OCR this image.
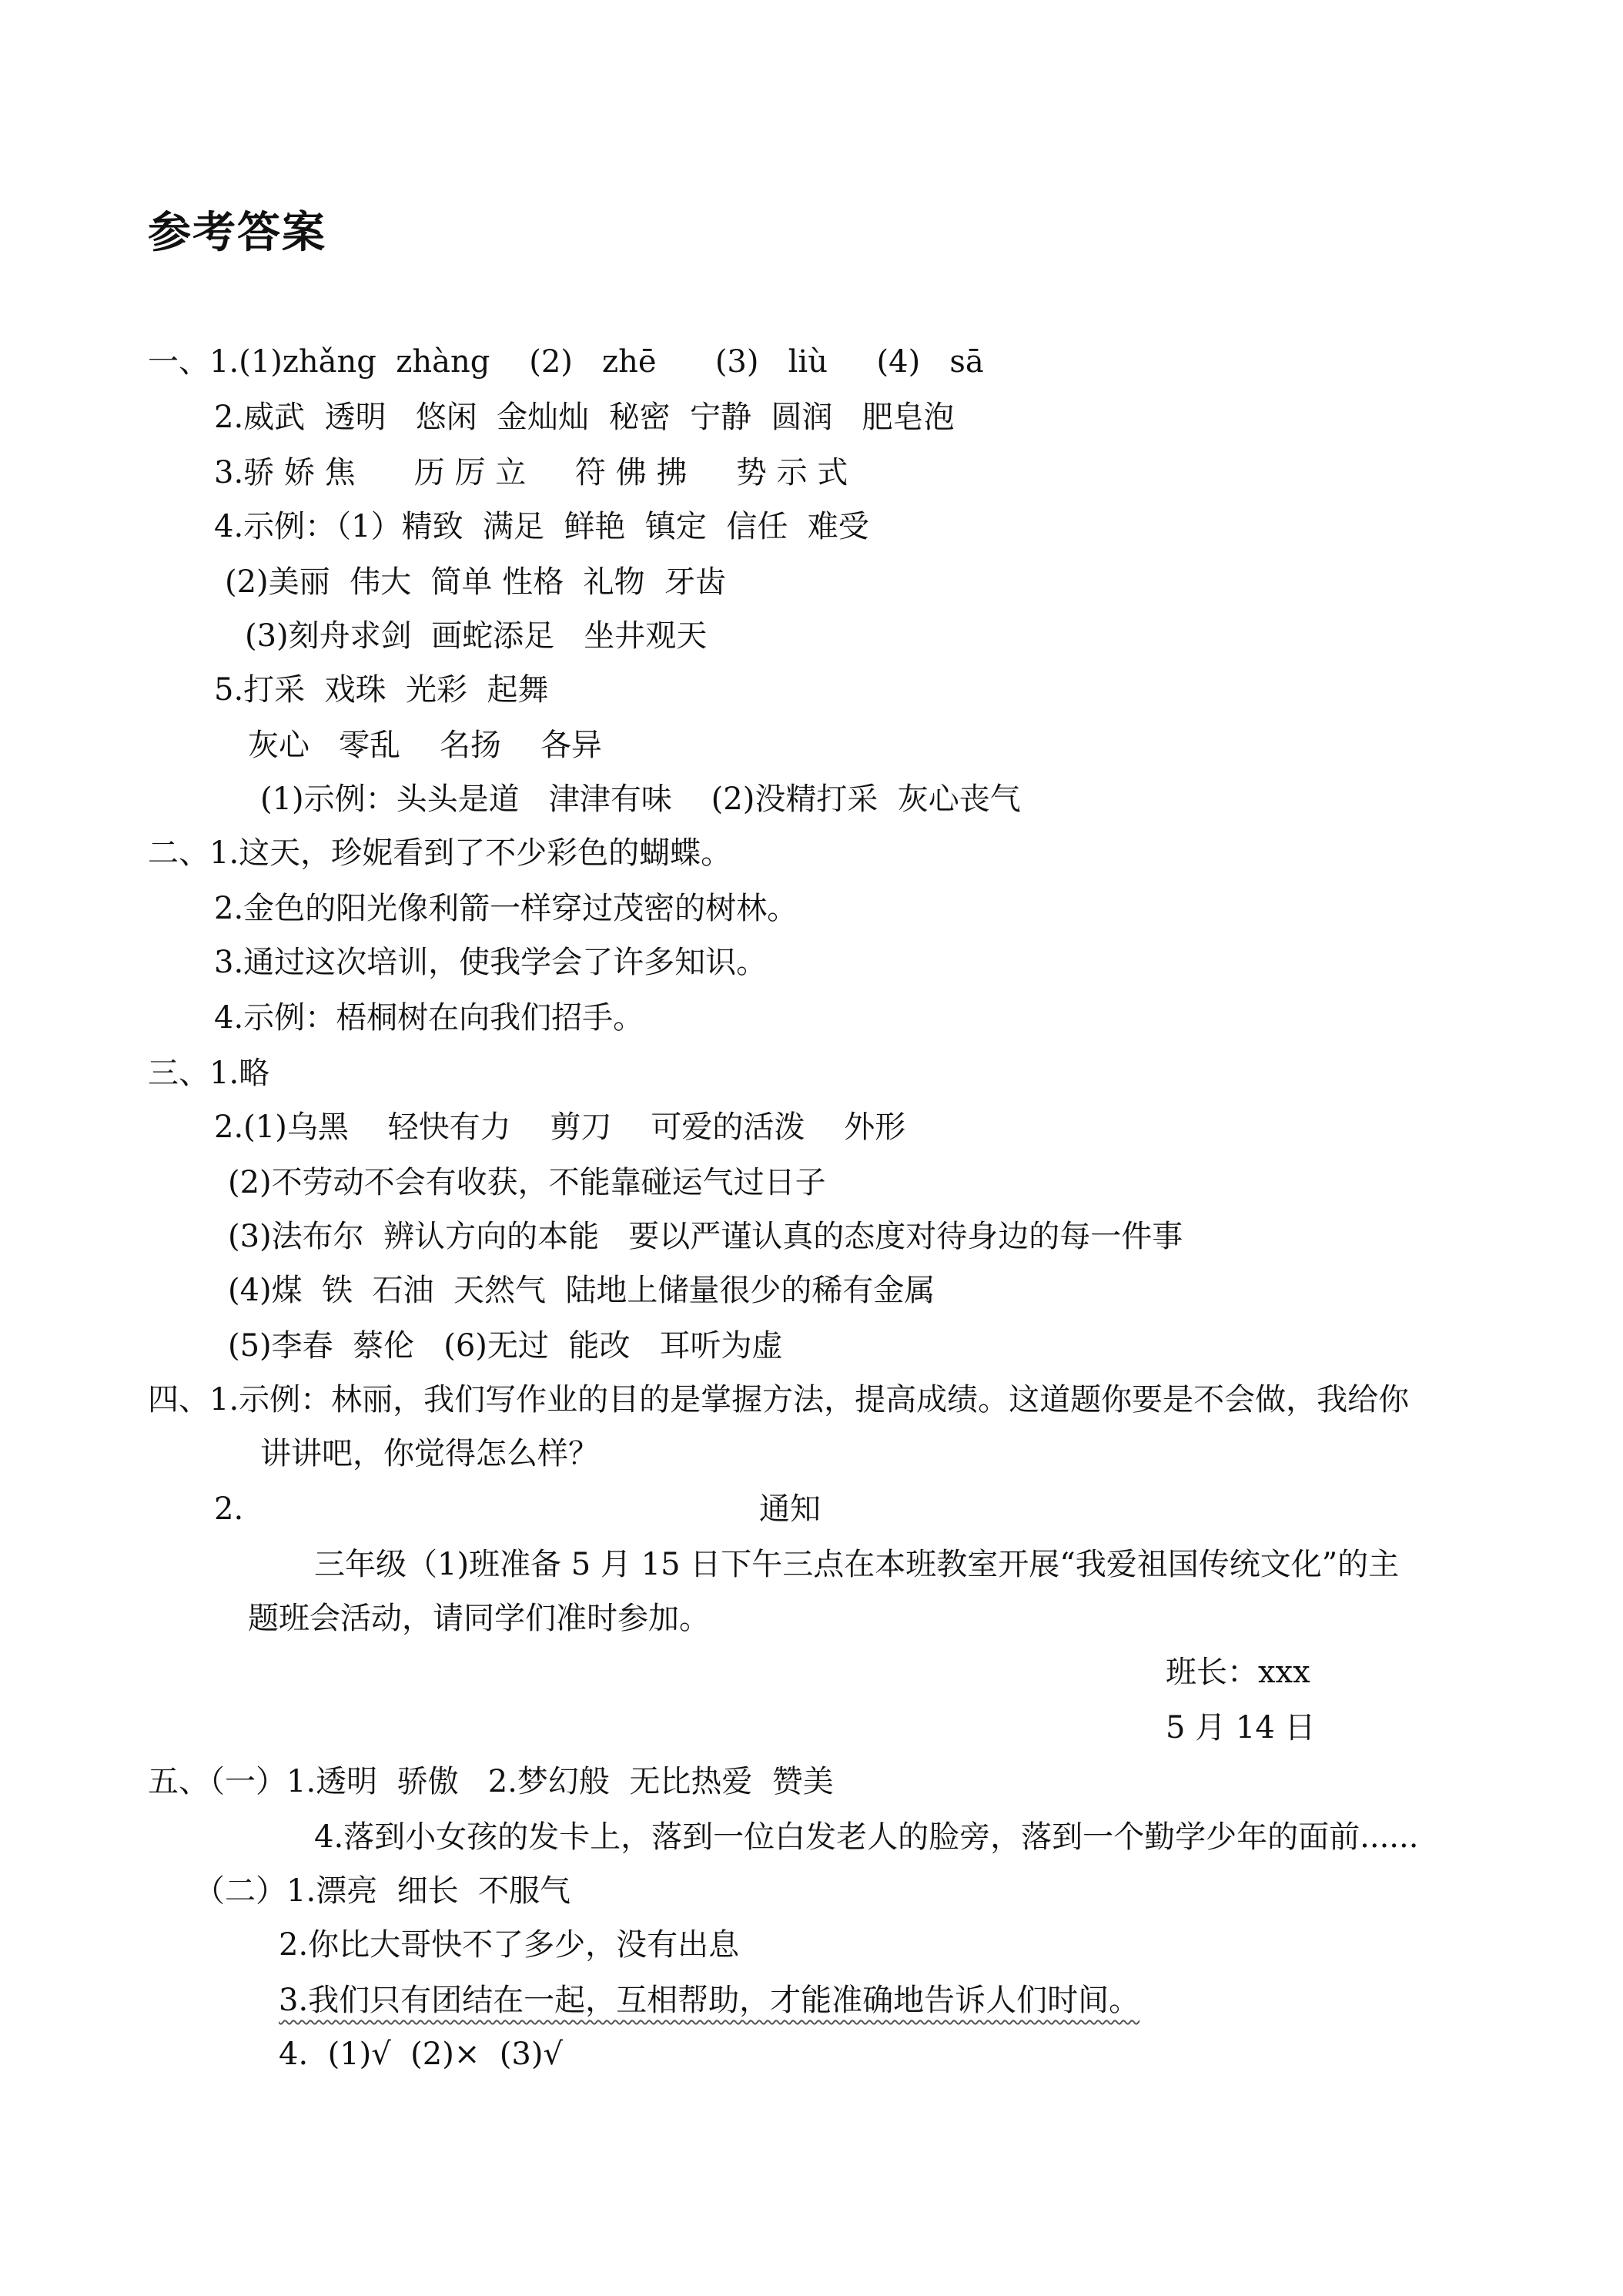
参考答案
一、1.(1)zhǎng  zhàng    (2)   zhē      (3)   liù     (4)   sā
2.威武  透明   悠闲  金灿灿  秘密  宁静  圆润   肥皂泡
3.骄 娇 焦      历 厉 立     符 佛 拂     势 示 式
4.示例：（1）精致  满足  鲜艳  镇定  信任  难受
(2)美丽  伟大  简单 性格  礼物  牙齿
(3)刻舟求剑  画蛇添足   坐井观天
5.打采  戏珠  光彩  起舞
灰心   零乱    名扬    各异
(1)示例：头头是道   津津有味    (2)没精打采  灰心丧气
二、1.这天，珍妮看到了不少彩色的蝴蝶。
2.金色的阳光像利箭一样穿过茂密的树林。
3.通过这次培训，使我学会了许多知识。
4.示例：梧桐树在向我们招手。
三、1.略
2.(1)乌黑    轻快有力    剪刀    可爱的活泼    外形
(2)不劳动不会有收获，不能靠碰运气过日子
(3)法布尔  辨认方向的本能   要以严谨认真的态度对待身边的每一件事
(4)煤  铁  石油  天然气  陆地上储量很少的稀有金属
(5)李春  蔡伦   (6)无过  能改   耳听为虚
四、1.示例：林丽，我们写作业的目的是掌握方法，提高成绩。这道题你要是不会做，我给你
讲讲吧，你觉得怎么样？
2.	通知
三年级（1)班准备 5 月 15 日下午三点在本班教室开展“我爱祖国传统文化”的主
题班会活动，请同学们准时参加。
班长：xxx
5 月 14 日
五、（一）1.透明  骄傲   2.梦幻般  无比热爱  赞美
4.落到小女孩的发卡上，落到一位白发老人的脸旁，落到一个勤学少年的面前......
（二）1.漂亮  细长  不服气
2.你比大哥快不了多少，没有出息
3.我们只有团结在一起，互相帮助，才能准确地告诉人们时间。
4.  (1)√  (2)×  (3)√
